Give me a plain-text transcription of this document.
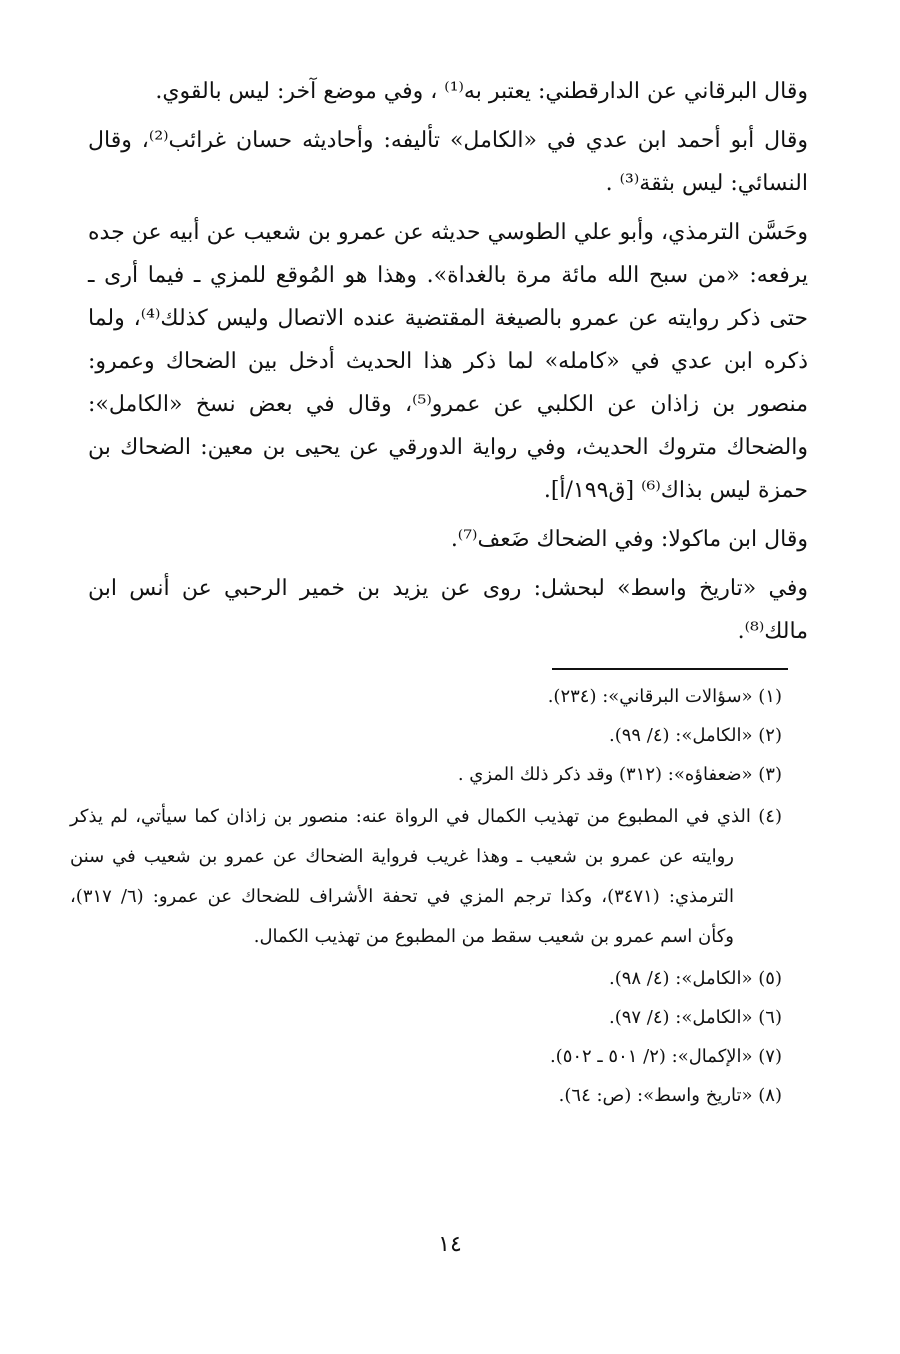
وقال البرقاني عن الدارقطني: يعتبر به⁽¹⁾ ، وفي موضع آخر: ليس بالقوي.

وقال أبو أحمد ابن عدي في «الكامل» تأليفه: وأحاديثه حسان غرائب⁽²⁾، وقال النسائي: ليس بثقة⁽³⁾ .

وحَسَّن الترمذي، وأبو علي الطوسي حديثه عن عمرو بن شعيب عن أبيه عن جده يرفعه: «من سبح الله مائة مرة بالغداة». وهذا هو المُوقع للمزي ـ فيما أرى ـ حتى ذكر روايته عن عمرو بالصيغة المقتضية عنده الاتصال وليس كذلك⁽⁴⁾، ولما ذكره ابن عدي في «كامله» لما ذكر هذا الحديث أدخل بين الضحاك وعمرو: منصور بن زاذان عن الكلبي عن عمرو⁽⁵⁾، وقال في بعض نسخ «الكامل»: والضحاك متروك الحديث، وفي رواية الدورقي عن يحيى بن معين: الضحاك بن حمزة ليس بذاك⁽⁶⁾ [ق١٩٩/أ].

وقال ابن ماكولا: وفي الضحاك ضَعف⁽⁷⁾.

وفي «تاريخ واسط» لبحشل: روى عن يزيد بن خمير الرحبي عن أنس ابن مالك⁽⁸⁾.

(١) «سؤالات البرقاني»: (٢٣٤).

(٢) «الكامل»: (٤/ ٩٩).

(٣) «ضعفاؤه»: (٣١٢) وقد ذكر ذلك المزي .

(٤) الذي في المطبوع من تهذيب الكمال في الرواة عنه: منصور بن زاذان كما سيأتي، لم يذكر روايته عن عمرو بن شعيب ـ وهذا غريب فرواية الضحاك عن عمرو بن شعيب في سنن الترمذي: (٣٤٧١)، وكذا ترجم المزي في تحفة الأشراف للضحاك عن عمرو: (٦/ ٣١٧)، وكأن اسم عمرو بن شعيب سقط من المطبوع من تهذيب الكمال.

(٥) «الكامل»: (٤/ ٩٨).

(٦) «الكامل»: (٤/ ٩٧).

(٧) «الإكمال»: (٢/ ٥٠١ ـ ٥٠٢).

(٨) «تاريخ واسط»: (ص: ٦٤).

١٤
